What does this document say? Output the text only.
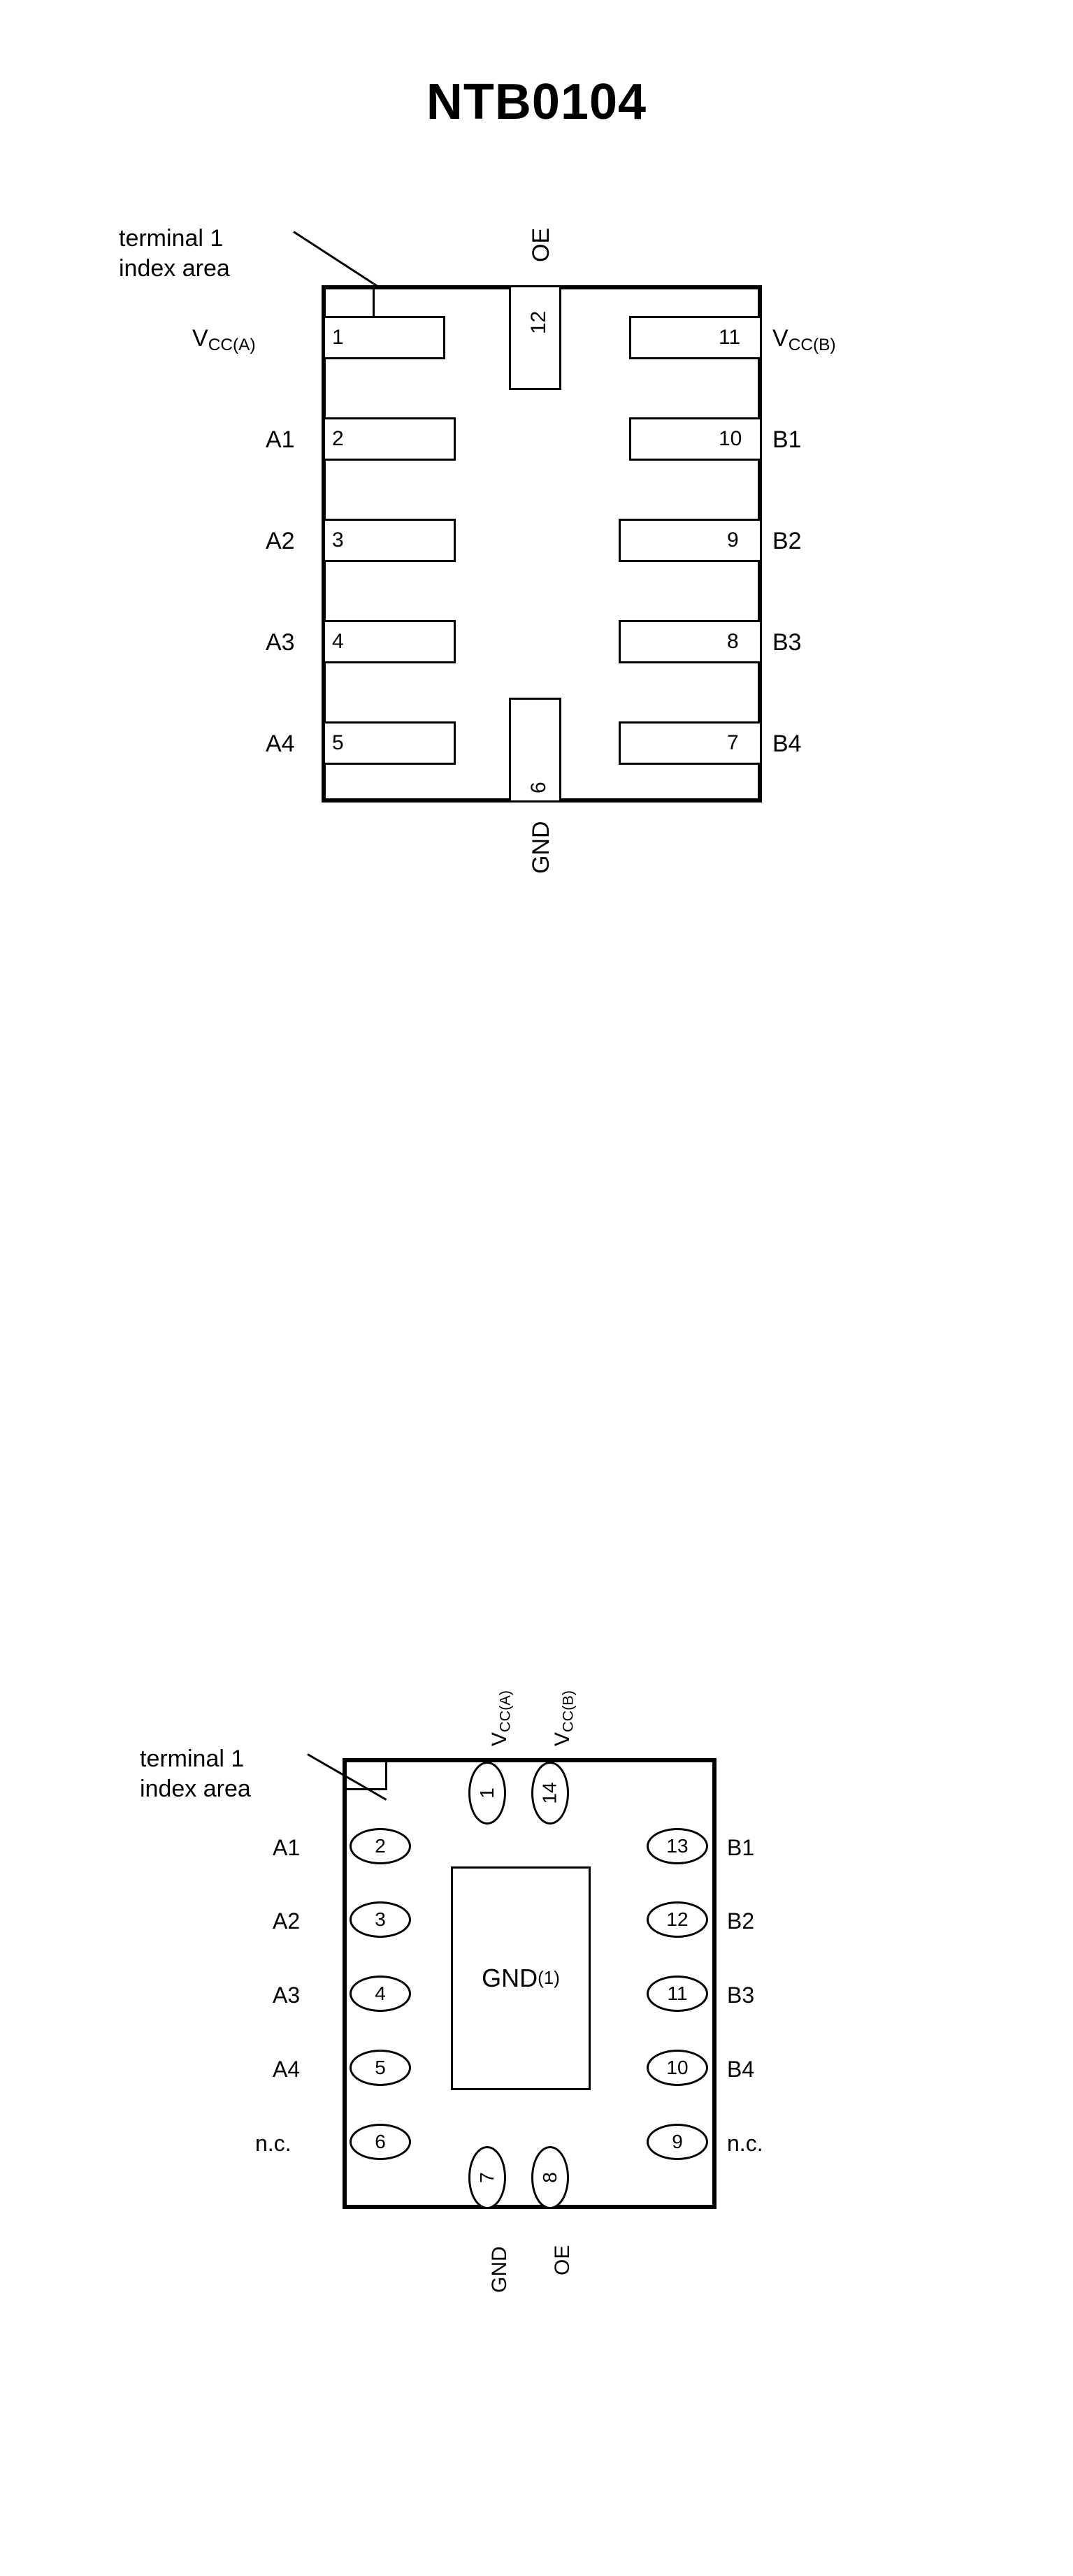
NTB0104
terminal 1
index area
12
OE
6
GND
1
$V_{CC(A)}$
2
A1
3
A2
4
A3
5
A4
11 $V_{CC(B)}$
10 B1
9 B2
8 B3
7 B4
GND (1)
terminal 1
index area	1
$V_{CC(A)}$
14
$V_{CC(B)}$
7
GND
8
OE
2
A1
3
A2
4
A3
5
A4
6
n.c.
13 B1
12 B2
11 B3
10 B4
9 n.c.
